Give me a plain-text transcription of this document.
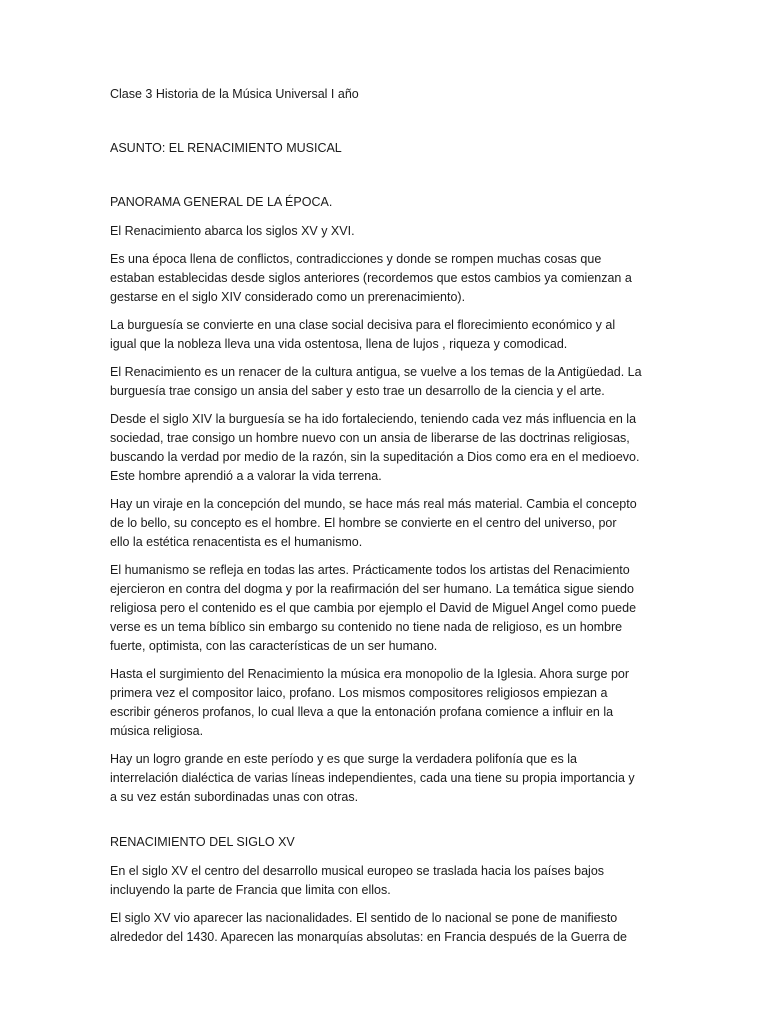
Clase 3 Historia de la Música Universal I año

ASUNTO: EL RENACIMIENTO MUSICAL

PANORAMA GENERAL DE LA ÉPOCA.

El Renacimiento abarca los siglos XV y XVI.

Es una época llena de conflictos, contradicciones y donde se rompen muchas cosas que

estaban establecidas desde siglos anteriores (recordemos que estos cambios ya comienzan a

gestarse en el siglo XIV considerado como un prerenacimiento).

La burguesía se convierte en una clase social decisiva para el florecimiento económico y al

igual que la nobleza lleva una vida ostentosa, llena de lujos , riqueza y comodicad.

El Renacimiento es un renacer de la cultura antigua, se vuelve a los temas de la Antigüedad. La

burguesía trae consigo un ansia del saber y esto trae un desarrollo de la ciencia y el arte.

Desde el siglo XIV la burguesía se ha ido fortaleciendo, teniendo cada vez más influencia en la

sociedad, trae consigo un hombre nuevo con un ansia de liberarse de las doctrinas religiosas,

buscando la verdad por medio de la razón, sin la supeditación a Dios como era en el medioevo.

Este hombre aprendió a a valorar la vida terrena.

Hay un viraje en la concepción del mundo, se hace más real más material. Cambia el concepto

de lo bello, su concepto es el hombre. El hombre se convierte en el centro del universo, por

ello la estética renacentista es el humanismo.

El humanismo se refleja en todas las artes. Prácticamente todos los artistas del Renacimiento

ejercieron en contra del dogma y por la reafirmación del ser humano. La temática sigue siendo

religiosa pero el contenido es el que cambia por ejemplo el David de Miguel Angel como puede

verse es un tema bíblico sin embargo su contenido no tiene nada de religioso, es un hombre

fuerte, optimista, con las características de un ser humano.

Hasta el surgimiento del Renacimiento la música era monopolio de la Iglesia. Ahora surge por

primera vez el compositor laico, profano. Los mismos compositores religiosos empiezan a

escribir géneros profanos, lo cual lleva a que la entonación profana comience a influir en la

música religiosa.

Hay un logro grande en este período y es que surge la verdadera polifonía que es la

interrelación dialéctica de varias líneas independientes, cada una tiene su propia importancia y

a su vez están subordinadas unas con otras.

RENACIMIENTO DEL SIGLO XV

En el siglo XV el centro del desarrollo musical europeo se traslada hacia los países bajos

incluyendo la parte de Francia que limita con ellos.

El siglo XV vio aparecer las nacionalidades. El sentido de lo nacional se pone de manifiesto

alrededor del 1430. Aparecen las monarquías absolutas: en Francia después de la Guerra de
